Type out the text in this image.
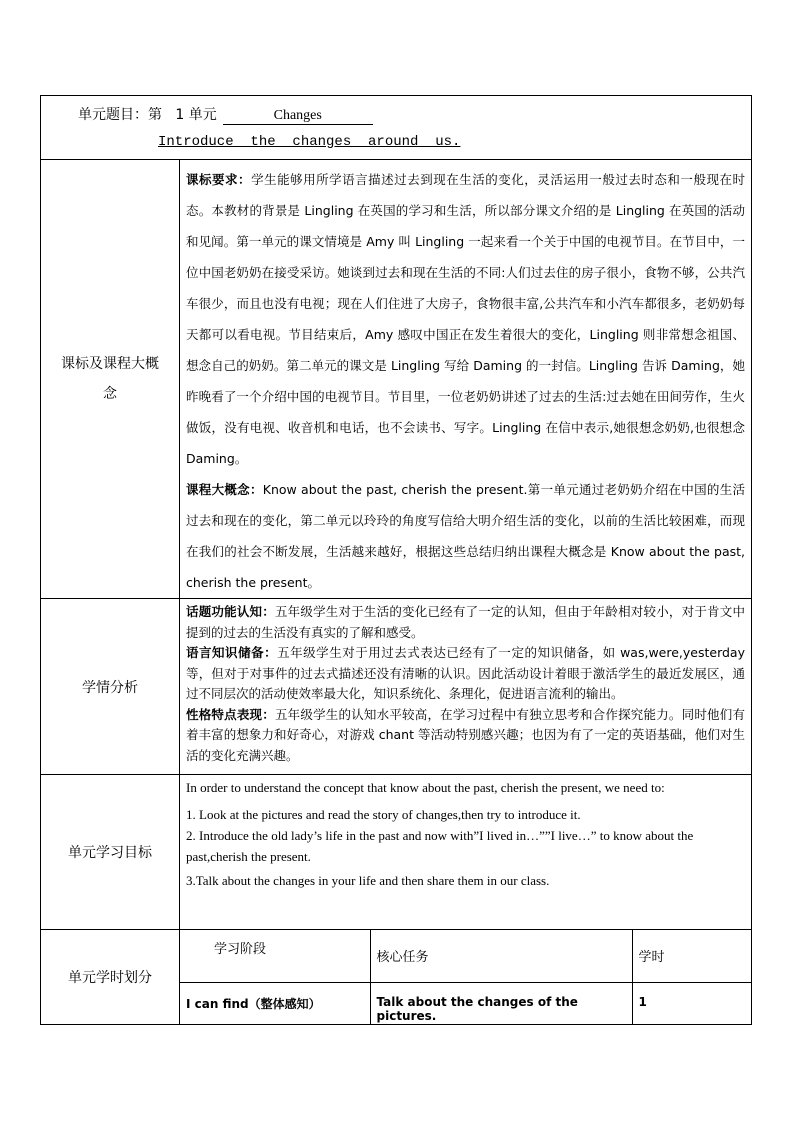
课标及课程大概念

课标要求：学生能够用所学语言描述过去到现在生活的变化，灵活运用一般过去时态和一般现在时态。本教材的背景是 Lingling 在英国的学习和生活，所以部分课文介绍的是 Lingling 在英国的活动和见闻。第一单元的课文情境是 Amy 叫 Lingling 一起来看一个关于中国的电视节目。在节目中，一位中国老奶奶在接受采访。她谈到过去和现在生活的不同:人们过去住的房子很小，食物不够，公共汽车很少，而且也没有电视；现在人们住进了大房子，食物很丰富,公共汽车和小汽车都很多，老奶奶每天都可以看电视。节目结束后，Amy 感叹中国正在发生着很大的变化，Lingling 则非常想念祖国、想念自己的奶奶。第二单元的课文是 Lingling 写给 Daming 的一封信。Lingling 告诉 Daming，她昨晚看了一个介绍中国的电视节目。节目里，一位老奶奶讲述了过去的生活:过去她在田间劳作，生火做饭，没有电视、收音机和电话，也不会读书、写字。Lingling 在信中表示,她很想念奶奶,也很想念 Daming。
课程大概念：Know about the past, cherish the present.第一单元通过老奶奶介绍在中国的生活过去和现在的变化，第二单元以玲玲的角度写信给大明介绍生活的变化，以前的生活比较困难，而现在我们的社会不断发展，生活越来越好，根据这些总结归纳出课程大概念是 Know about the past, cherish the present。

学情分析	
话题功能认知：五年级学生对于生活的变化已经有了一定的认知，但由于年龄相对较小，对于肯文中提到的过去的生活没有真实的了解和感受。
语言知识储备：五年级学生对于用过去式表达已经有了一定的知识储备，如 was,were,yesterday 等，但对于对事件的过去式描述还没有清晰的认识。因此活动设计着眼于激活学生的最近发展区，通过不同层次的活动使效率最大化，知识系统化、条理化，促进语言流利的输出。
性格特点表现：五年级学生的认知水平较高，在学习过程中有独立思考和合作探究能力。同时他们有着丰富的想象力和好奇心，对游戏 chant 等活动特别感兴趣；也因为有了一定的英语基础，他们对生活的变化充满兴趣。

单元学习目标	
In order to understand the concept that know about the past, cherish the present, we need to:
1. Look at the pictures and read the story of changes,then try to introduce it.
2. Introduce the old lady’s life in the past and now with”I lived in…””I live…” to know about the past,cherish the present.
3.Talk about the changes in your life and then share them in our class.

单元学时划分	
学习阶段	核心任务	学时
I can find（整体感知）	Talk about the changes of the pictures.	1
单元题目：第   1 单元	Changes
Introduce  the  changes  around  us.
